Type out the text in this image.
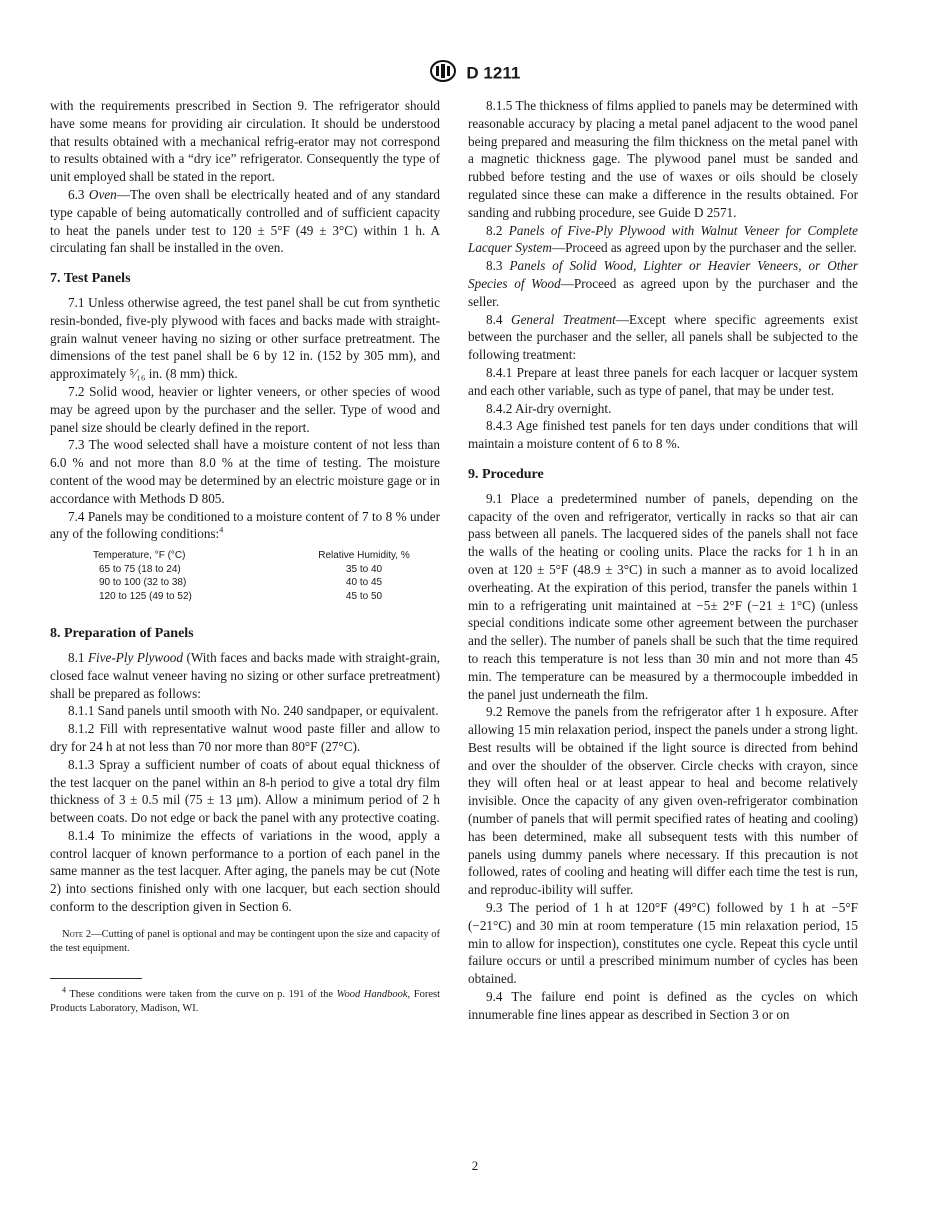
D 1211

with the requirements prescribed in Section 9. The refrigerator should have some means for providing air circulation. It should be understood that results obtained with a mechanical refrig-erator may not correspond to results obtained with a “dry ice” refrigerator. Consequently the type of unit employed shall be stated in the report.

6.3 Oven—The oven shall be electrically heated and of any standard type capable of being automatically controlled and of sufficient capacity to heat the panels under test to 120 ± 5°F (49 ± 3°C) within 1 h. A circulating fan shall be installed in the oven.

7. Test Panels

7.1 Unless otherwise agreed, the test panel shall be cut from synthetic resin-bonded, five-ply plywood with faces and backs made with straight-grain walnut veneer having no sizing or other surface pretreatment. The dimensions of the test panel shall be 6 by 12 in. (152 by 305 mm), and approximately ⁵⁄₁₆ in. (8 mm) thick.

7.2 Solid wood, heavier or lighter veneers, or other species of wood may be agreed upon by the purchaser and the seller. Type of wood and panel size should be clearly defined in the report.

7.3 The wood selected shall have a moisture content of not less than 6.0 % and not more than 8.0 % at the time of testing. The moisture content of the wood may be determined by an electric moisture gage or in accordance with Methods D 805.

7.4 Panels may be conditioned to a moisture content of 7 to 8 % under any of the following conditions:$^4$

Temperature, °F (°C)	Relative Humidity, %
65 to 75 (18 to 24)	35 to 40
90 to 100 (32 to 38)	40 to 45
120 to 125 (49 to 52)	45 to 50
8. Preparation of Panels

8.1 Five-Ply Plywood (With faces and backs made with straight-grain, closed face walnut veneer having no sizing or other surface pretreatment) shall be prepared as follows:

8.1.1 Sand panels until smooth with No. 240 sandpaper, or equivalent.

8.1.2 Fill with representative walnut wood paste filler and allow to dry for 24 h at not less than 70 nor more than 80°F (27°C).

8.1.3 Spray a sufficient number of coats of about equal thickness of the test lacquer on the panel within an 8-h period to give a total dry film thickness of 3 ± 0.5 mil (75 ± 13 μm). Allow a minimum period of 2 h between coats. Do not edge or back the panel with any protective coating.

8.1.4 To minimize the effects of variations in the wood, apply a control lacquer of known performance to a portion of each panel in the same manner as the test lacquer. After aging, the panels may be cut (Note 2) into sections finished only with one lacquer, but each section should conform to the description given in Section 6.

Note 2—Cutting of panel is optional and may be contingent upon the size and capacity of the test equipment.
$^4$ These conditions were taken from the curve on p. 191 of the Wood Handbook, Forest Products Laboratory, Madison, WI.

8.1.5 The thickness of films applied to panels may be determined with reasonable accuracy by placing a metal panel adjacent to the wood panel being prepared and measuring the film thickness on the metal panel with a magnetic thickness gage. The plywood panel must be sanded and rubbed before testing and the use of waxes or oils should be closely regulated since these can make a difference in the results obtained. For sanding and rubbing procedure, see Guide D 2571.

8.2 Panels of Five-Ply Plywood with Walnut Veneer for Complete Lacquer System—Proceed as agreed upon by the purchaser and the seller.

8.3 Panels of Solid Wood, Lighter or Heavier Veneers, or Other Species of Wood—Proceed as agreed upon by the purchaser and the seller.

8.4 General Treatment—Except where specific agreements exist between the purchaser and the seller, all panels shall be subjected to the following treatment:

8.4.1 Prepare at least three panels for each lacquer or lacquer system and each other variable, such as type of panel, that may be under test.

8.4.2 Air-dry overnight.

8.4.3 Age finished test panels for ten days under conditions that will maintain a moisture content of 6 to 8 %.

9. Procedure

9.1 Place a predetermined number of panels, depending on the capacity of the oven and refrigerator, vertically in racks so that air can pass between all panels. The lacquered sides of the panels shall not face the walls of the heating or cooling units. Place the racks for 1 h in an oven at 120 ± 5°F (48.9 ± 3°C) in such a manner as to avoid localized overheating. At the expiration of this period, transfer the panels within 1 min to a refrigerating unit maintained at −5± 2°F (−21 ± 1°C) (unless special conditions indicate some other agreement between the purchaser and the seller). The number of panels shall be such that the time required to reach this temperature is not less than 30 min and not more than 45 min. The temperature can be measured by a thermocouple imbedded in the panel just underneath the film.

9.2 Remove the panels from the refrigerator after 1 h exposure. After allowing 15 min relaxation period, inspect the panels under a strong light. Best results will be obtained if the light source is directed from behind and over the shoulder of the observer. Circle checks with crayon, since they will often heal or at least appear to heal and become relatively invisible. Once the capacity of any given oven-refrigerator combination (number of panels that will permit specified rates of heating and cooling) has been determined, make all subsequent tests with this number of panels using dummy panels where necessary. If this precaution is not followed, rates of cooling and heating will differ each time the test is run, and reproduc-ibility will suffer.

9.3 The period of 1 h at 120°F (49°C) followed by 1 h at −5°F (−21°C) and 30 min at room temperature (15 min relaxation period, 15 min to allow for inspection), constitutes one cycle. Repeat this cycle until failure occurs or until a prescribed minimum number of cycles has been obtained.

9.4 The failure end point is defined as the cycles on which innumerable fine lines appear as described in Section 3 or on

2
